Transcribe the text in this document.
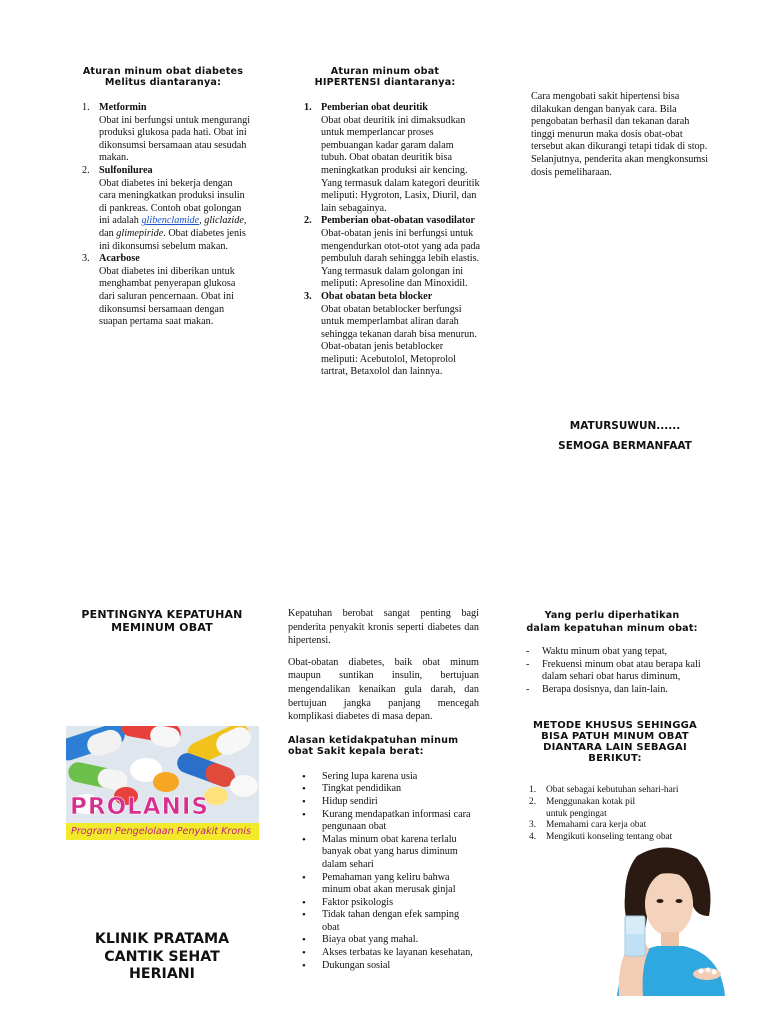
Aturan minum obat diabetes
Melitus diantaranya:
1. Metformin
Obat ini berfungsi untuk mengurangi produksi glukosa pada hati. Obat ini dikonsumsi bersamaan atau sesudah makan.
2. Sulfonilurea
Obat diabetes ini bekerja dengan cara meningkatkan produksi insulin di pankreas. Contoh obat golongan ini adalah glibenclamide, gliclazide, dan glimepiride. Obat diabetes jenis ini dikonsumsi sebelum makan.
3. Acarbose
Obat diabetes ini diberikan untuk menghambat penyerapan glukosa dari saluran pencernaan. Obat ini dikonsumsi bersamaan dengan suapan pertama saat makan.
Aturan minum obat
HIPERTENSI diantaranya:
1. Pemberian obat deuritik
Obat obat deuritik ini dimaksudkan untuk memperlancar proses pembuangan kadar garam dalam tubuh. Obat obatan deuritik bisa meningkatkan produksi air kencing. Yang termasuk dalam kategori deuritik meliputi: Hygroton, Lasix, Diuril, dan lain sebagainya.
2. Pemberian obat-obatan vasodilator
Obat-obatan jenis ini berfungsi untuk mengendurkan otot-otot yang ada pada pembuluh darah sehingga lebih elastis. Yang termasuk dalam golongan ini meliputi: Apresoline dan Minoxidil.
3. Obat obatan beta blocker
Obat obatan betablocker berfungsi untuk memperlambat aliran darah sehingga tekanan darah bisa menurun. Obat-obatan jenis betablocker meliputi: Acebutolol, Metoprolol tartrat, Betaxolol dan lainnya.
Cara mengobati sakit hipertensi bisa dilakukan dengan banyak cara. Bila pengobatan berhasil dan tekanan darah tinggi menurun maka dosis obat-obat tersebut akan dikurangi tetapi tidak di stop. Selanjutnya, penderita akan mengkonsumsi dosis pemeliharaan.
MATURSUWUN......
SEMOGA BERMANFAAT
PENTINGNYA KEPATUHAN
MEMINUM OBAT
PROLANIS
Program Pengelolaan Penyakit Kronis
KLINIK PRATAMA
CANTIK SEHAT
HERIANI
Kepatuhan berobat sangat penting bagi penderita penyakit kronis seperti diabetes dan hipertensi.
Obat-obatan diabetes, baik obat minum maupun suntikan insulin, bertujuan mengendalikan kenaikan gula darah, dan bertujuan jangka panjang mencegah komplikasi diabetes di masa depan.
Alasan ketidakpatuhan minum
obat Sakit kepala berat:
• Sering lupa karena usia
• Tingkat pendidikan
• Hidup sendiri
• Kurang mendapatkan informasi cara pengunaan obat
• Malas minum obat karena terlalu banyak obat yang harus diminum dalam sehari
• Pemahaman yang keliru bahwa minum obat akan merusak ginjal
• Faktor psikologis
• Tidak tahan dengan efek samping obat
• Biaya obat yang mahal.
• Akses terbatas ke layanan kesehatan,
• Dukungan sosial
Yang perlu diperhatikan
dalam kepatuhan minum obat:
- Waktu minum obat yang tepat,
- Frekuensi minum obat atau berapa kali dalam sehari obat harus diminum,
- Berapa dosisnya, dan lain-lain.
METODE KHUSUS SEHINGGA
BISA PATUH MINUM OBAT
DIANTARA LAIN SEBAGAI
BERIKUT:
1. Obat sebagai kebutuhan sehari-hari
2. Menggunakan kotak pil untuk pengingat
3. Memahami cara kerja obat
4. Mengikuti konseling tentang obat
